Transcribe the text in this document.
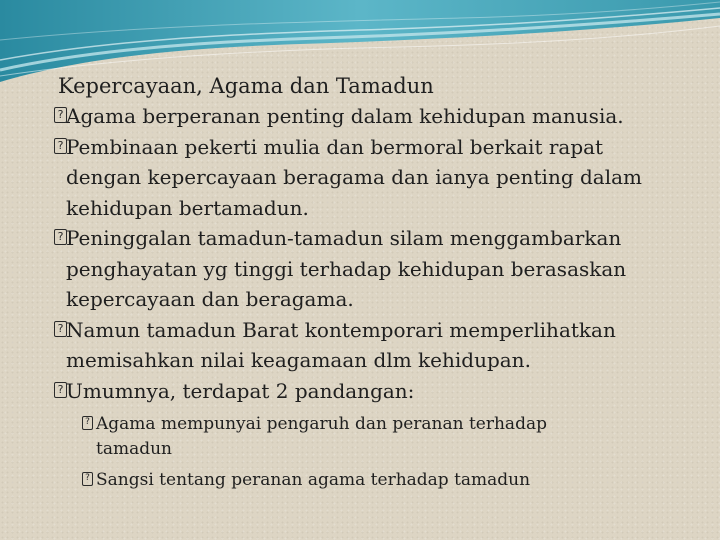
Kepercayaan, Agama dan Tamadun
? Agama berperanan penting dalam kehidupan manusia.
? Pembinaan pekerti mulia dan bermoral berkait rapat
dengan kepercayaan beragama dan ianya penting dalam
kehidupan bertamadun.
? Peninggalan tamadun-tamadun silam menggambarkan
penghayatan yg tinggi terhadap kehidupan berasaskan
kepercayaan dan beragama.
? Namun tamadun Barat kontemporari memperlihatkan
memisahkan nilai keagamaan dlm kehidupan.
? Umumnya, terdapat 2 pandangan:
? Agama mempunyai pengaruh dan peranan terhadap
tamadun
? Sangsi tentang peranan agama terhadap tamadun
